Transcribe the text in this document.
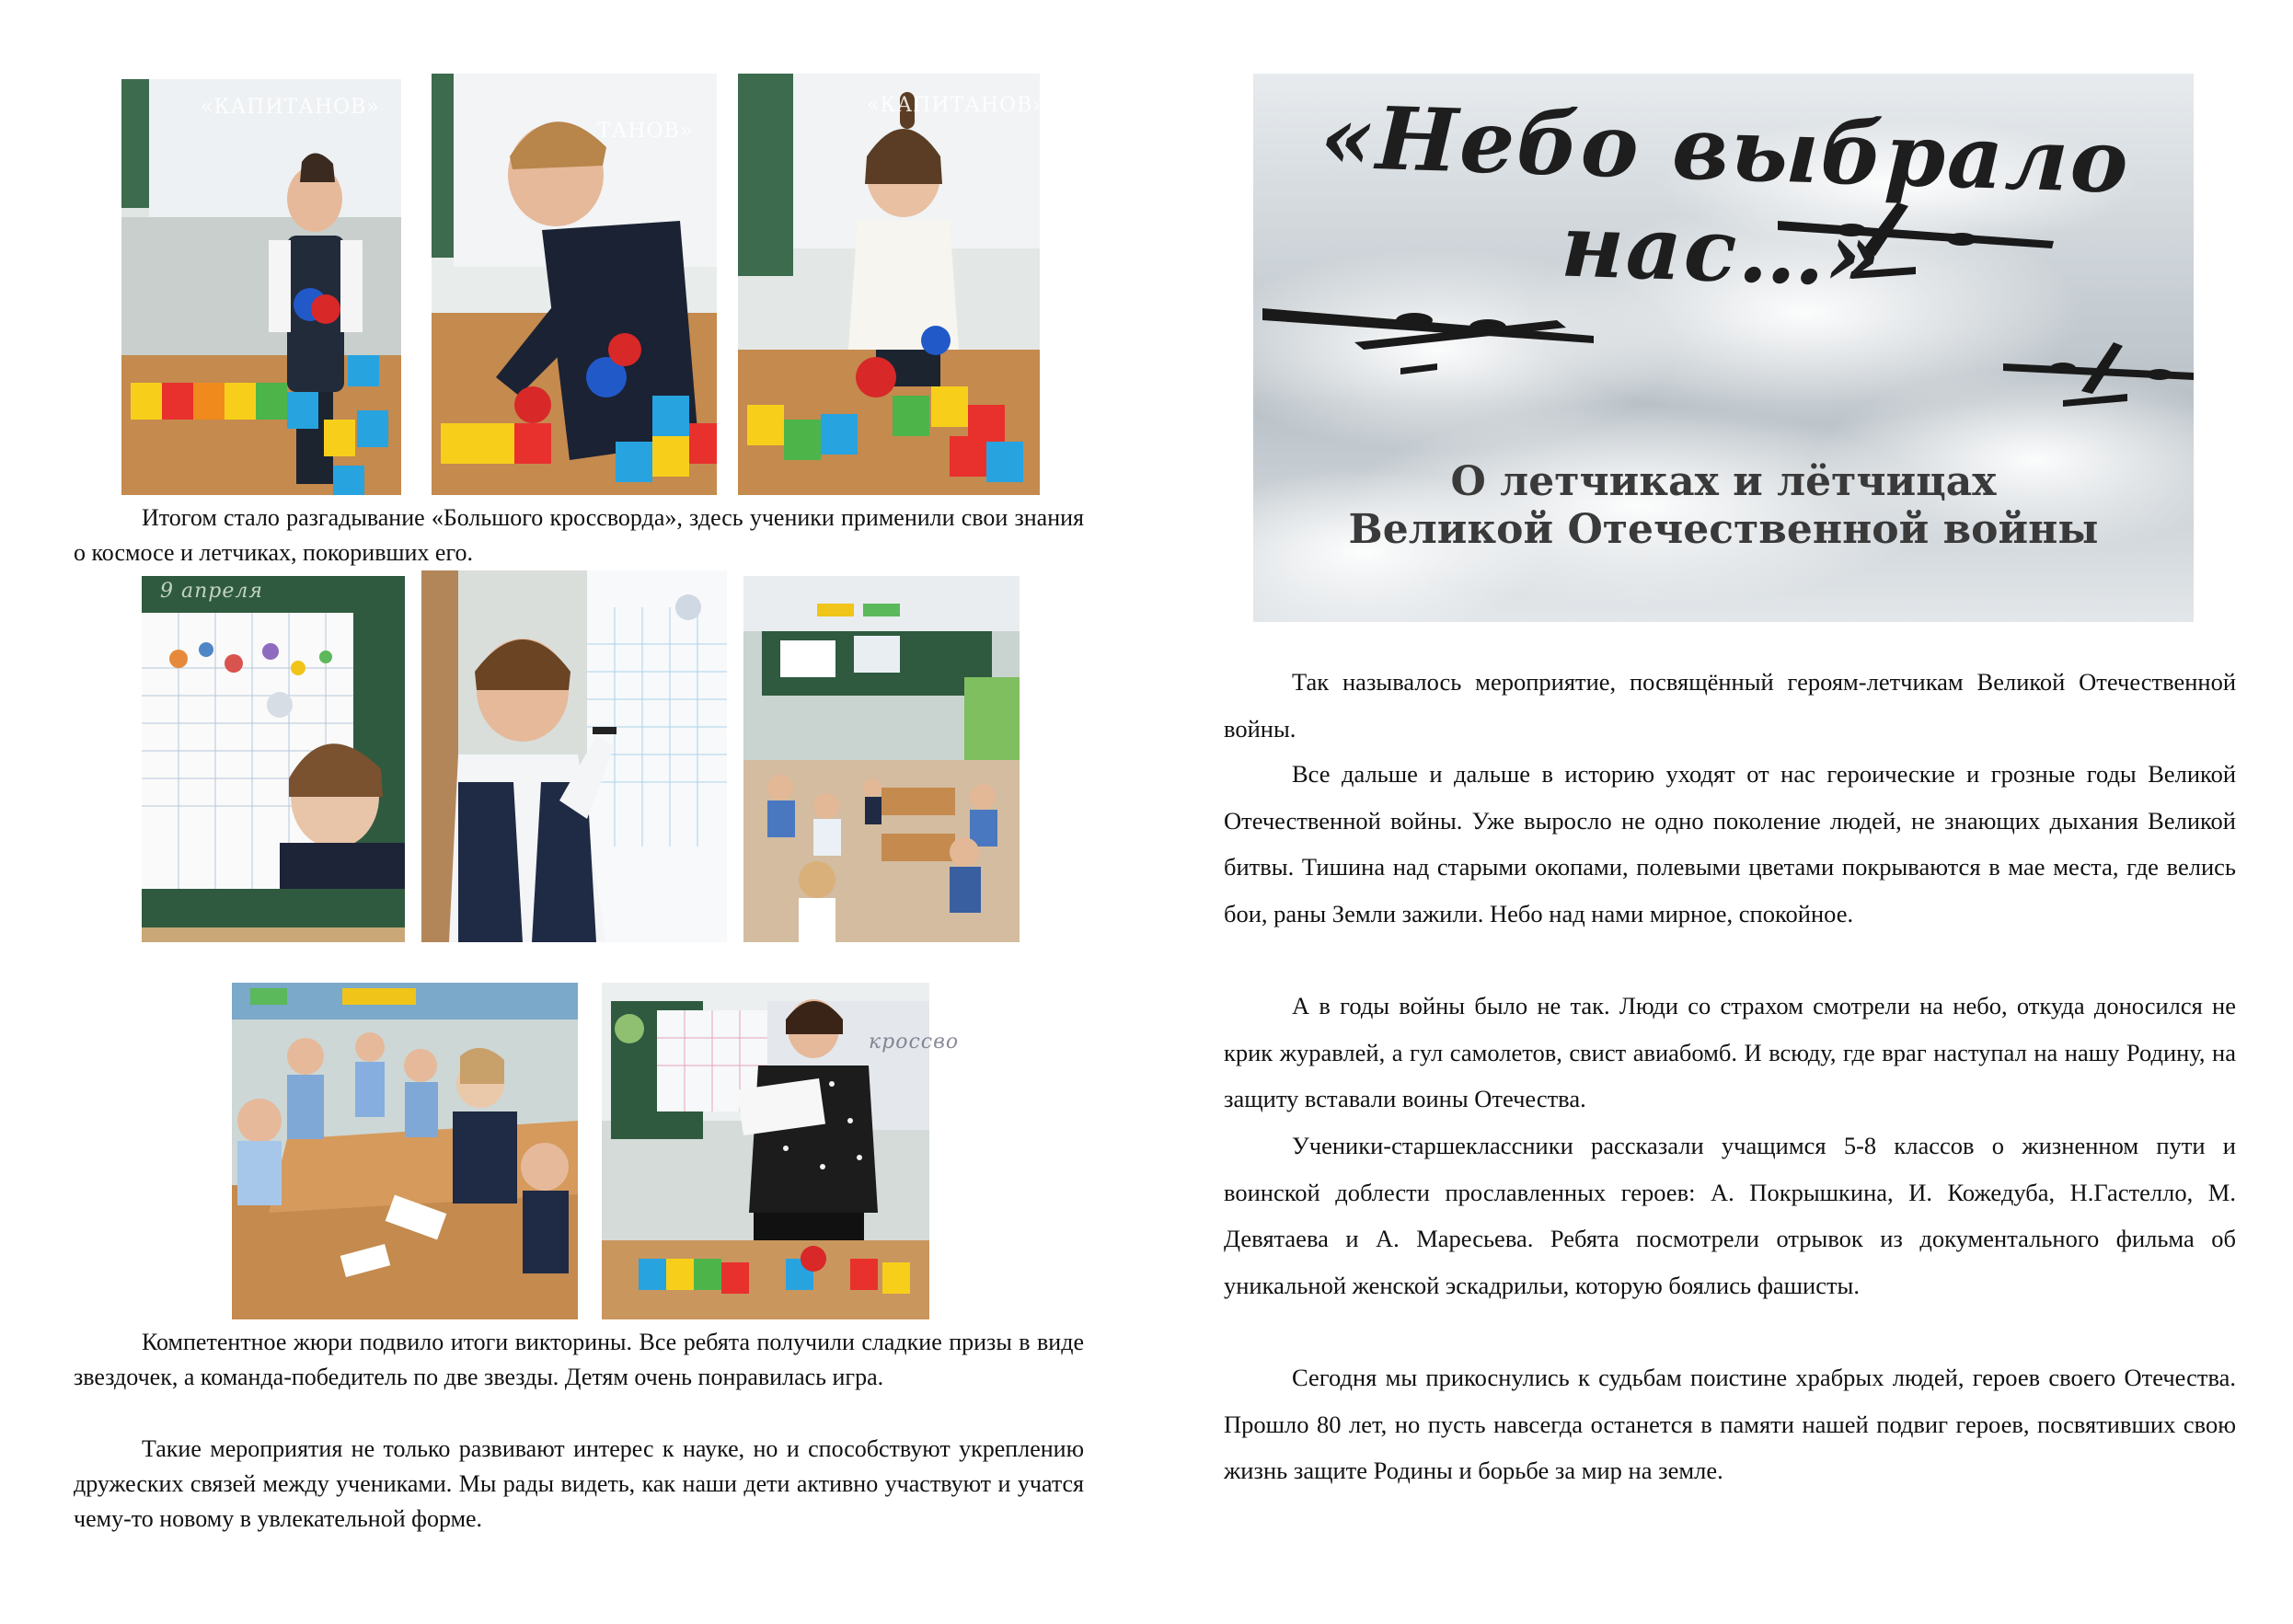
«КАПИТАНОВ»
ТАНОВ»
«КАПИТАНОВ»

Итогом стало разгадывание «Большого кроссворда», здесь ученики применили свои знания о космосе и летчиках, покоривших его.

9 апреля
кроссво

Компетентное жюри подвило итоги викторины. Все ребята получили сладкие призы в виде звездочек, а команда-победитель по две звезды. Детям очень понравилась игра.

Такие мероприятия не только развивают интерес к науке, но и способствуют укреплению дружеских связей между учениками. Мы рады видеть, как наши дети активно участвуют и учатся чему-то новому в увлекательной форме.

«Небо выбрало нас…»
О летчиках и лётчицах
Великой Отечественной войны

Так называлось мероприятие, посвящённый героям-летчикам Великой Отечественной войны.

Все дальше и дальше в историю уходят от нас героические и грозные годы Великой Отечественной войны. Уже выросло не одно поколение людей, не знающих дыхания Великой битвы. Тишина над старыми окопами, полевыми цветами покрываются в мае места, где велись бои, раны Земли зажили. Небо над нами мирное, спокойное.

А в годы войны было не так. Люди со страхом смотрели на небо, откуда доносился не крик журавлей, а гул самолетов, свист авиабомб. И всюду, где враг наступал на нашу Родину, на защиту вставали воины Отечества.

Ученики-старшеклассники рассказали учащимся 5-8 классов о жизненном пути и воинской доблести прославленных героев: А. Покрышкина, И. Кожедуба, Н.Гастелло, М. Девятаева и А. Маресьева. Ребята посмотрели отрывок из документального фильма об уникальной женской эскадрильи, которую боялись фашисты.

Сегодня мы прикоснулись к судьбам поистине храбрых людей, героев своего Отечества. Прошло 80 лет, но пусть навсегда останется в памяти нашей подвиг героев, посвятивших свою жизнь защите Родины и борьбе за мир на земле.
